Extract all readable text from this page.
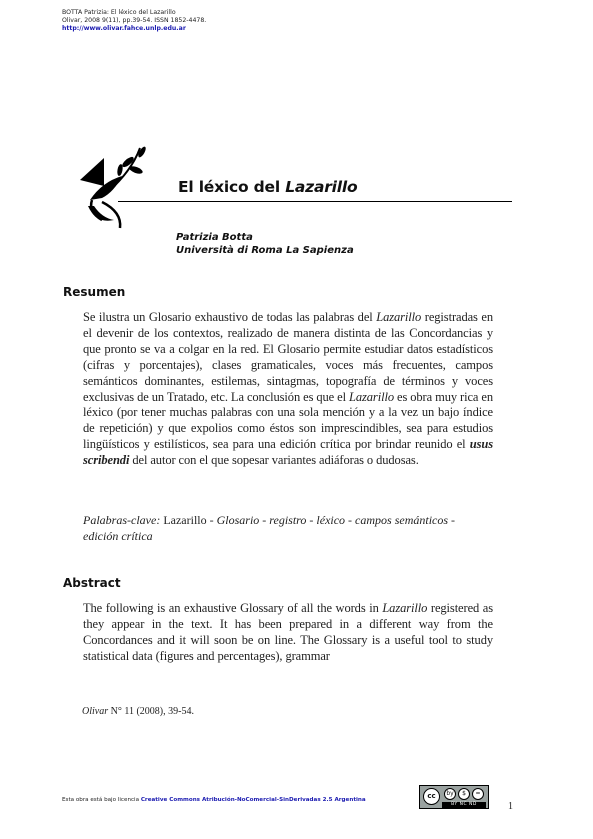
BOTTA Patrizia: El léxico del Lazarillo
Olivar, 2008 9(11), pp.39-54. ISSN 1852-4478.
http://www.olivar.fahce.unlp.edu.ar
El léxico del Lazarillo
Patrizia Botta
Università di Roma La Sapienza
Resumen

Se ilustra un Glosario exhaustivo de todas las palabras del Lazarillo registradas en el devenir de los contextos, realizado de manera distinta de las Concordancias y que pronto se va a colgar en la red. El Glosario permite estudiar datos estadísticos (cifras y porcentajes), clases gramaticales, voces más frecuentes, campos semánticos dominantes, estilemas, sintagmas, topografía de términos y voces exclusivas de un Tratado, etc. La conclusión es que el Lazarillo es obra muy rica en léxico (por tener muchas palabras con una sola mención y a la vez un bajo índice de repetición) y que expolios como éstos son imprescindibles, sea para estudios lingüísticos y estilísticos, sea para una edición crítica por brindar reunido el usus scribendi del autor con el que sopesar variantes adiáforas o dudosas.

Palabras-clave: Lazarillo - Glosario - registro - léxico - campos semánticos - edición crítica
Abstract

The following is an exhaustive Glossary of all the words in Lazarillo registered as they appear in the text. It has been prepared in a different way from the Concordances and it will soon be on line. The Glossary is a useful tool to study statistical data (figures and percentages), grammar

Olivar N° 11 (2008), 39-54.
Esta obra está bajo licencia Creative Commons Atribución-NoComercial-SinDerivadas 2.5 Argentina	cc	by	$	=
BY NC ND	1
